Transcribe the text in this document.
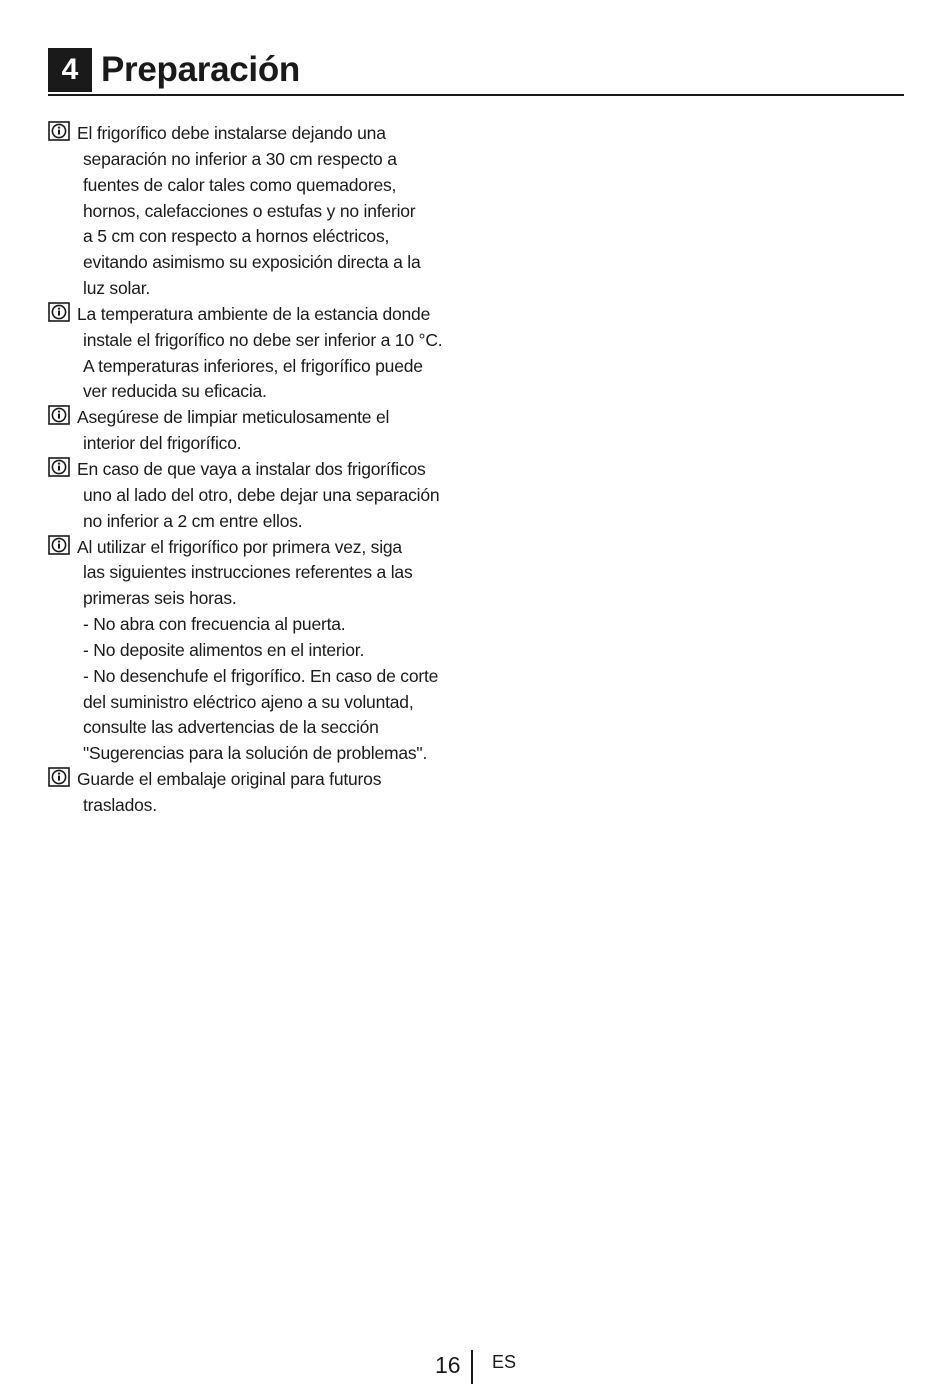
4 Preparación
El frigorífico debe instalarse dejando una
separación no inferior a 30 cm respecto a
fuentes de calor tales como quemadores,
hornos, calefacciones o estufas y no inferior
a 5 cm con respecto a hornos eléctricos,
evitando asimismo su exposición directa a la
luz solar.
La temperatura ambiente de la estancia donde
instale el frigorífico no debe ser inferior a 10 °C.
A temperaturas inferiores, el frigorífico puede
ver reducida su eficacia.
Asegúrese de limpiar meticulosamente el
interior del frigorífico.
En caso de que vaya a instalar dos frigoríficos
uno al lado del otro, debe dejar una separación
no inferior a 2 cm entre ellos.
Al utilizar el frigorífico por primera vez, siga
las siguientes instrucciones referentes a las
primeras seis horas.
- No abra con frecuencia al puerta.
- No deposite alimentos en el interior.
- No desenchufe el frigorífico. En caso de corte
del suministro eléctrico ajeno a su voluntad,
consulte las advertencias de la sección
"Sugerencias para la solución de problemas".
Guarde el embalaje original para futuros
traslados.
16 ES
